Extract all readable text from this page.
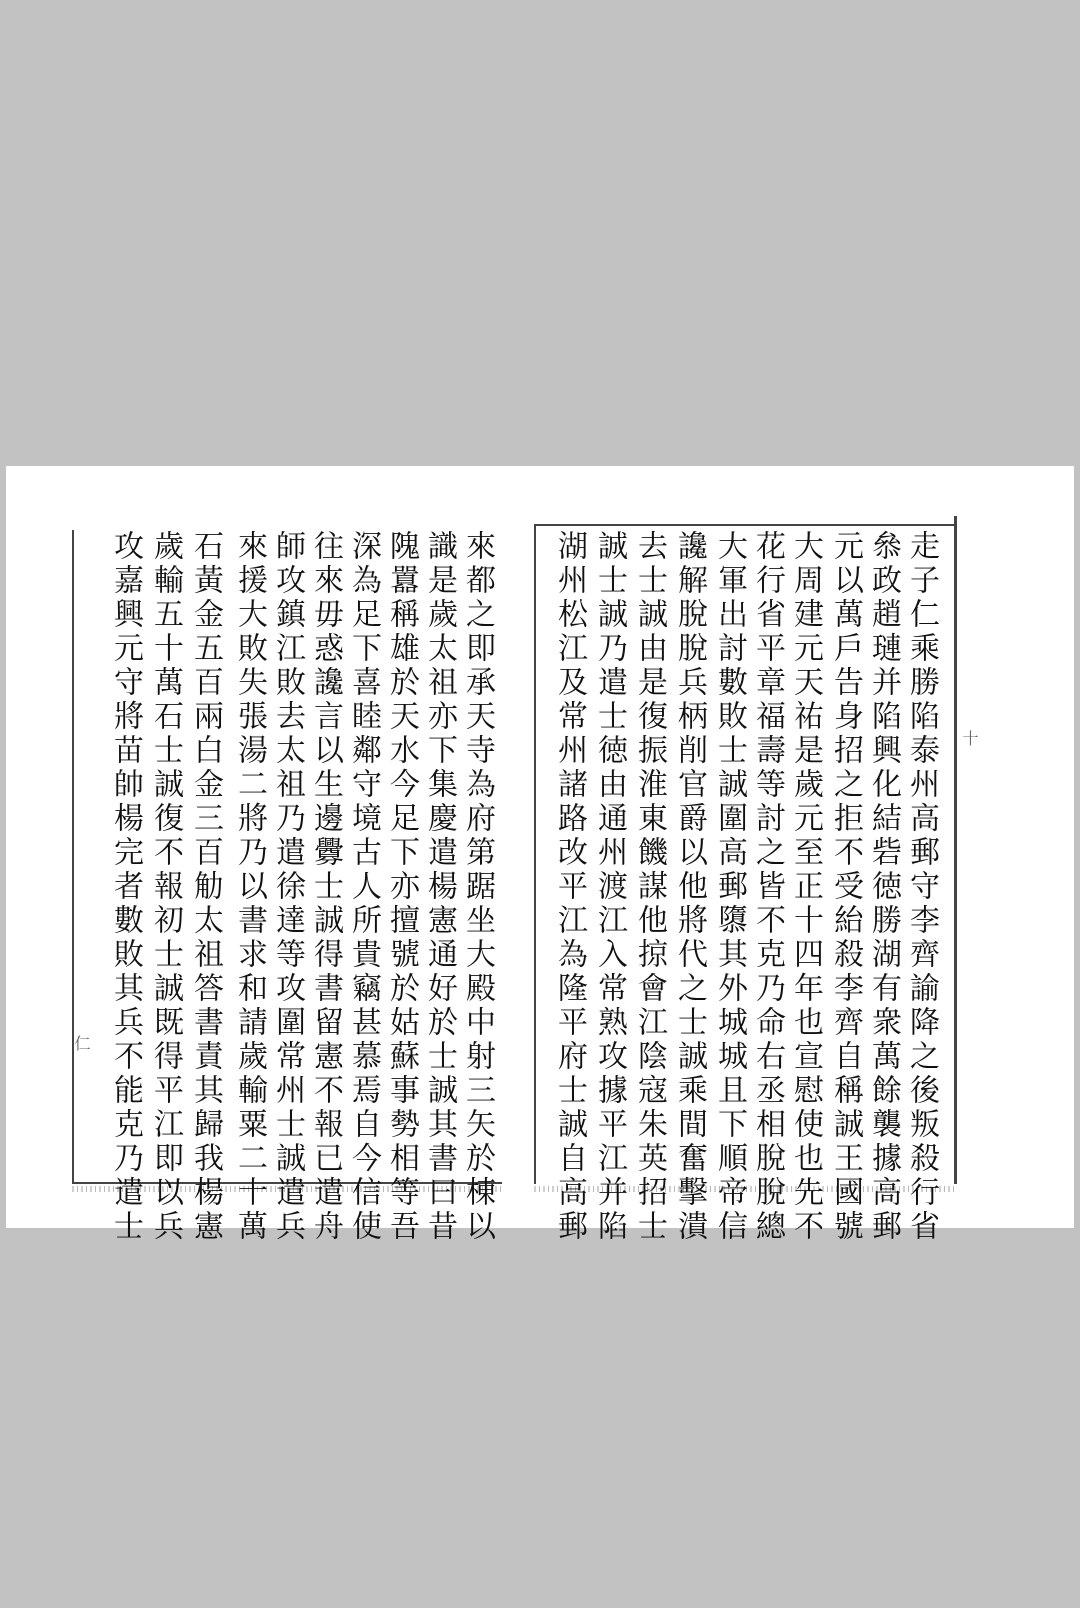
仁	來都之即承天寺為府第踞坐大殿中射三矢於棟以
識是歲太祖亦下集慶遣楊憲通好於士誠其書曰昔
隗囂稱雄於天水今足下亦擅號於姑蘇事勢相等吾
深為足下喜睦鄰守境古人所貴竊甚慕焉自今信使
往來毋惑讒言以生邊釁士誠得書留憲不報已遣舟
師攻鎮江敗去太祖乃遣徐達等攻圍常州士誠遣兵
來援大敗失張湯二將乃以書求和請歲輸粟二十萬
石黃金五百兩白金三百觔太祖答書責其歸我楊憲
歲輸五十萬石士誠復不報初士誠既得平江即以兵
攻嘉興元守將苗帥楊完者數敗其兵不能克乃遣士	十
走子仁乘勝陷泰州高郵守李齊諭降之後叛殺行省
叅政趙璉并陷興化結砦徳勝湖有衆萬餘襲據高郵
元以萬戶告身招之拒不受紿殺李齊自稱誠王國號
大周建元天祐是歲元至正十四年也宣慰使也先不
花行省平章福壽等討之皆不克乃命右丞相脫脫總
大軍出討數敗士誠圍高郵隳其外城城且下順帝信
讒解脫脫兵柄削官爵以他將代之士誠乘間奮擊潰
去士誠由是復振淮東饑謀他掠會江陰寇朱英招士
誠士誠乃遣士徳由通州渡江入常熟攻據平江并陷
湖州松江及常州諸路改平江為隆平府士誠自高郵
